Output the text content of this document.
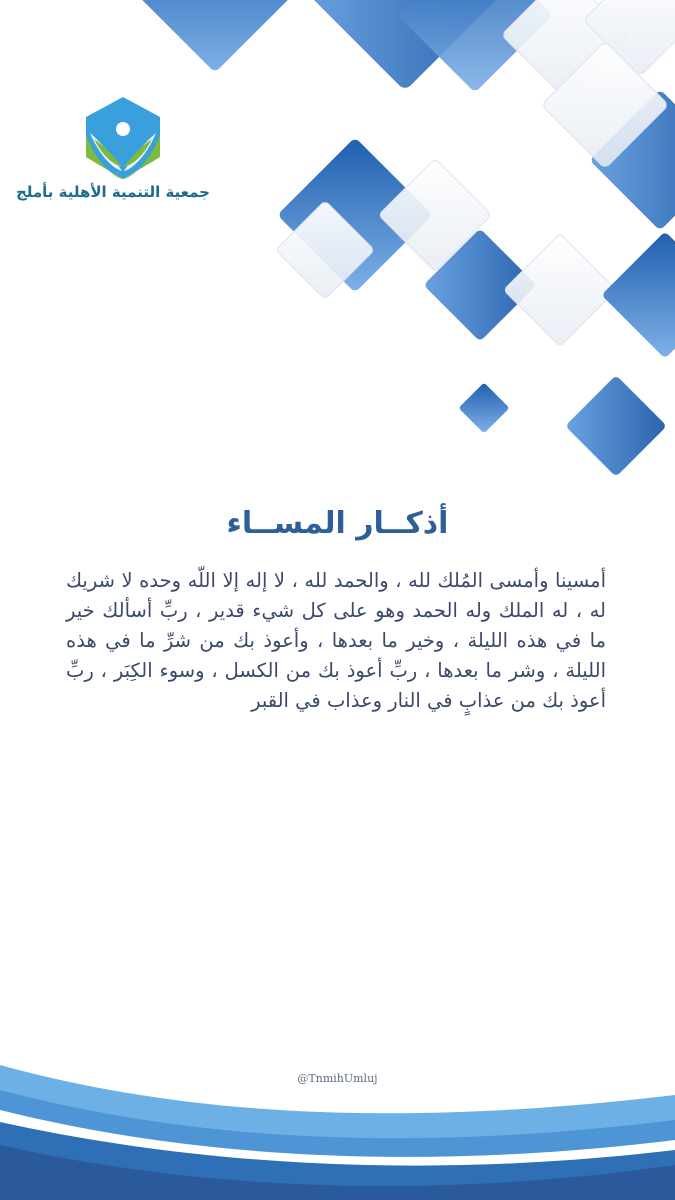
جمعية التنمية الأهلية بأملج
أذكــار المســاء
أمسينا وأمسى المُلك لله ، والحمد لله ، لا إله إلا اللّه وحده لا شريك له ، له الملك وله الحمد وهو على كل شيء قدير ، ربِّ أسألك خير ما في هذه الليلة ، وخير ما بعدها ، وأعوذ بك من شرِّ ما في هذه الليلة ، وشر ما بعدها ، ربِّ أعوذ بك من الكسل ، وسوء الكِبَر ، ربِّ أعوذ بك من عذابٍ في النار وعذاب في القبر
@TnmihUmluj
